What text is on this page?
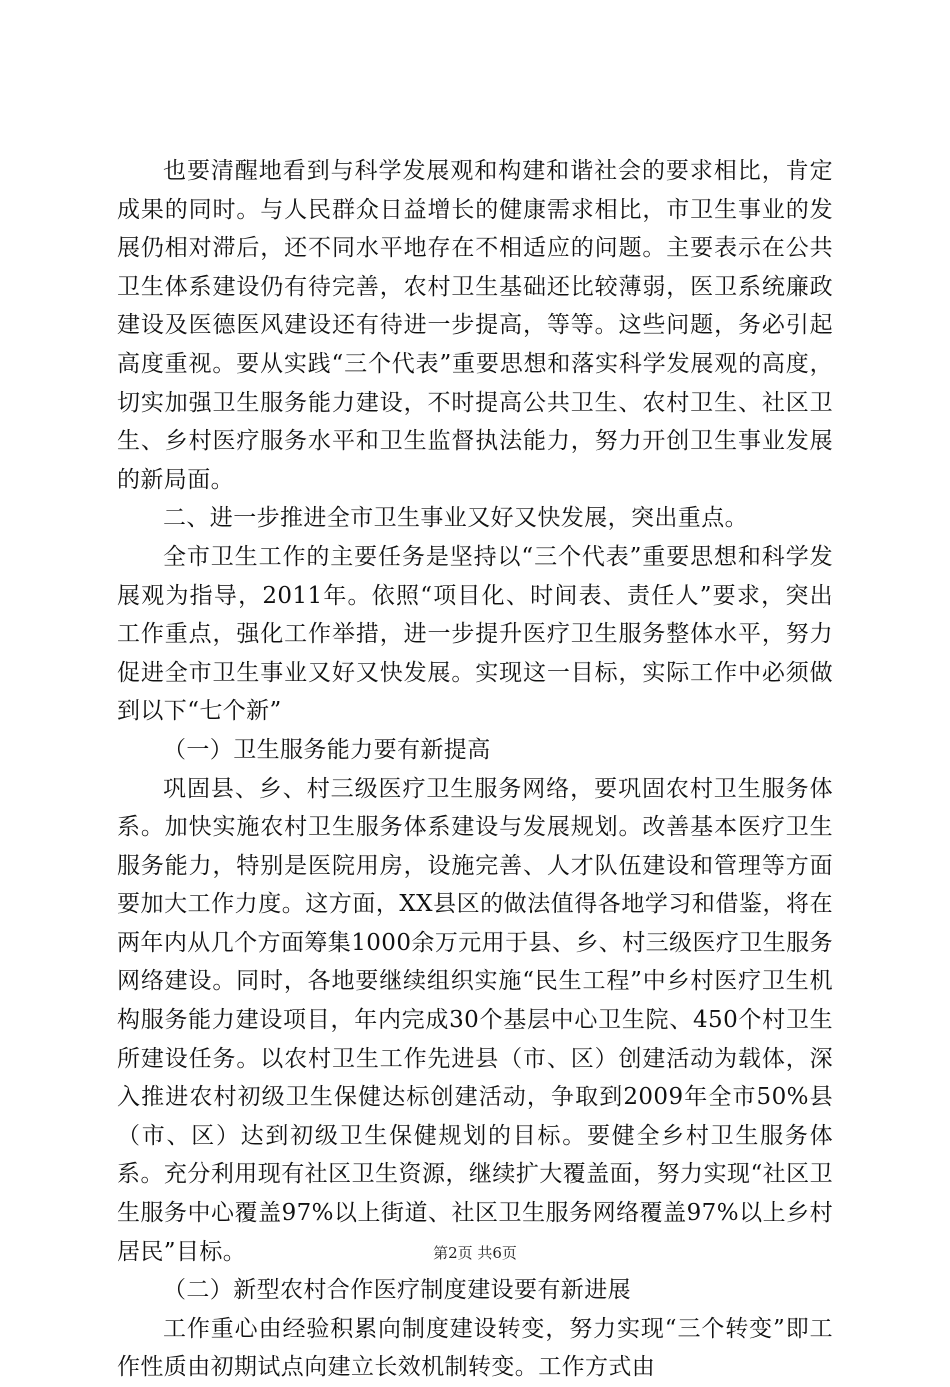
也要清醒地看到与科学发展观和构建和谐社会的要求相比，肯定成果的同时。与人民群众日益增长的健康需求相比，市卫生事业的发展仍相对滞后，还不同水平地存在不相适应的问题。主要表示在公共卫生体系建设仍有待完善，农村卫生基础还比较薄弱，医卫系统廉政建设及医德医风建设还有待进一步提高，等等。这些问题，务必引起高度重视。要从实践“三个代表”重要思想和落实科学发展观的高度，切实加强卫生服务能力建设，不时提高公共卫生、农村卫生、社区卫生、乡村医疗服务水平和卫生监督执法能力，努力开创卫生事业发展的新局面。

二、进一步推进全市卫生事业又好又快发展，突出重点。

全市卫生工作的主要任务是坚持以“三个代表”重要思想和科学发展观为指导，2011年。依照“项目化、时间表、责任人”要求，突出工作重点，强化工作举措，进一步提升医疗卫生服务整体水平，努力促进全市卫生事业又好又快发展。实现这一目标，实际工作中必须做到以下“七个新”

（一）卫生服务能力要有新提高

巩固县、乡、村三级医疗卫生服务网络，要巩固农村卫生服务体系。加快实施农村卫生服务体系建设与发展规划。改善基本医疗卫生服务能力，特别是医院用房，设施完善、人才队伍建设和管理等方面要加大工作力度。这方面，XX县区的做法值得各地学习和借鉴，将在两年内从几个方面筹集1000余万元用于县、乡、村三级医疗卫生服务网络建设。同时，各地要继续组织实施“民生工程”中乡村医疗卫生机构服务能力建设项目，年内完成30个基层中心卫生院、450个村卫生所建设任务。以农村卫生工作先进县（市、区）创建活动为载体，深入推进农村初级卫生保健达标创建活动，争取到2009年全市50%县（市、区）达到初级卫生保健规划的目标。要健全乡村卫生服务体系。充分利用现有社区卫生资源，继续扩大覆盖面，努力实现“社区卫生服务中心覆盖97%以上街道、社区卫生服务网络覆盖97%以上乡村居民”目标。

（二）新型农村合作医疗制度建设要有新进展

工作重心由经验积累向制度建设转变，努力实现“三个转变”即工作性质由初期试点向建立长效机制转变。工作方式由

第2页 共6页
